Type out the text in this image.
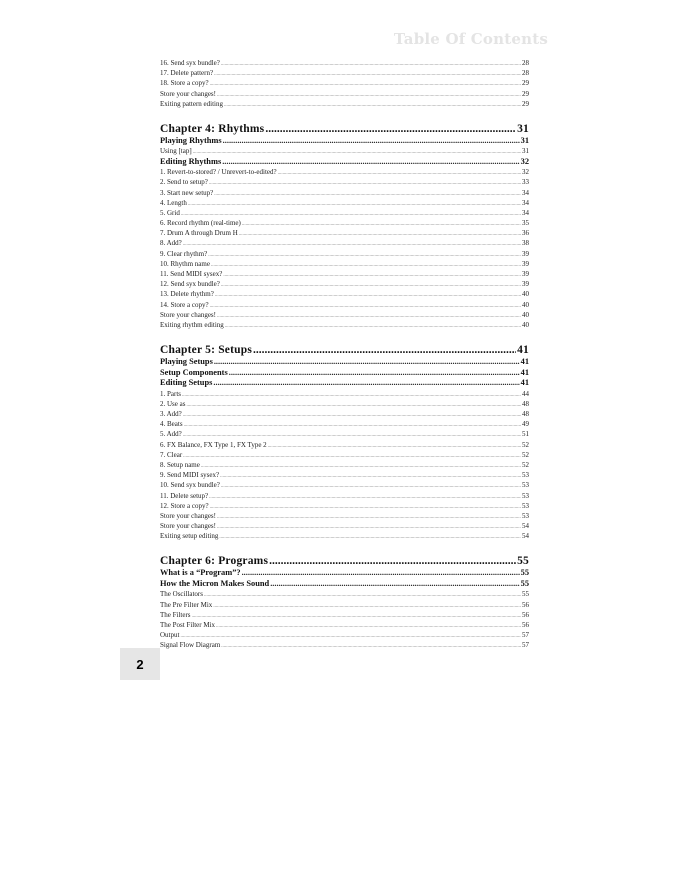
Table Of Contents
16. Send syx bundle? .....	28
17. Delete pattern? .....	28
18. Store a copy? .....	29
Store your changes! .....	29
Exiting pattern editing .....	29
Chapter 4: Rhythms .....	31
Playing Rhythms .....	31
Using [tap] .....	31
Editing Rhythms .....	32
1. Revert-to-stored? / Unrevert-to-edited? .....	32
2. Send to setup? .....	33
3. Start new setup? .....	34
4. Length .....	34
5. Grid .....	34
6. Record rhythm (real-time) .....	35
7. Drum A through Drum H .....	36
8. Add? .....	38
9. Clear rhythm? .....	39
10. Rhythm name .....	39
11. Send MIDI sysex? .....	39
12. Send syx bundle? .....	39
13. Delete rhythm? .....	40
14. Store a copy? .....	40
Store your changes! .....	40
Exiting rhythm editing .....	40
Chapter 5: Setups .....	41
Playing Setups .....	41
Setup Components .....	41
Editing Setups .....	41
1. Parts .....	44
2. Use as .....	48
3. Add? .....	48
4. Beats .....	49
5. Add? .....	51
6. FX Balance, FX Type 1, FX Type 2 .....	52
7. Clear .....	52
8. Setup name .....	52
9. Send MIDI sysex? .....	53
10. Send syx bundle? .....	53
11. Delete setup? .....	53
12. Store a copy? .....	53
Store your changes! .....	53
Store your changes! .....	54
Exiting setup editing .....	54
Chapter 6: Programs .....	55
What is a “Program”? .....	55
How the Micron Makes Sound .....	55
The Oscillators .....	55
The Pre Filter Mix .....	56
The Filters .....	56
The Post Filter Mix .....	56
Output .....	57
Signal Flow Diagram .....	57
2
